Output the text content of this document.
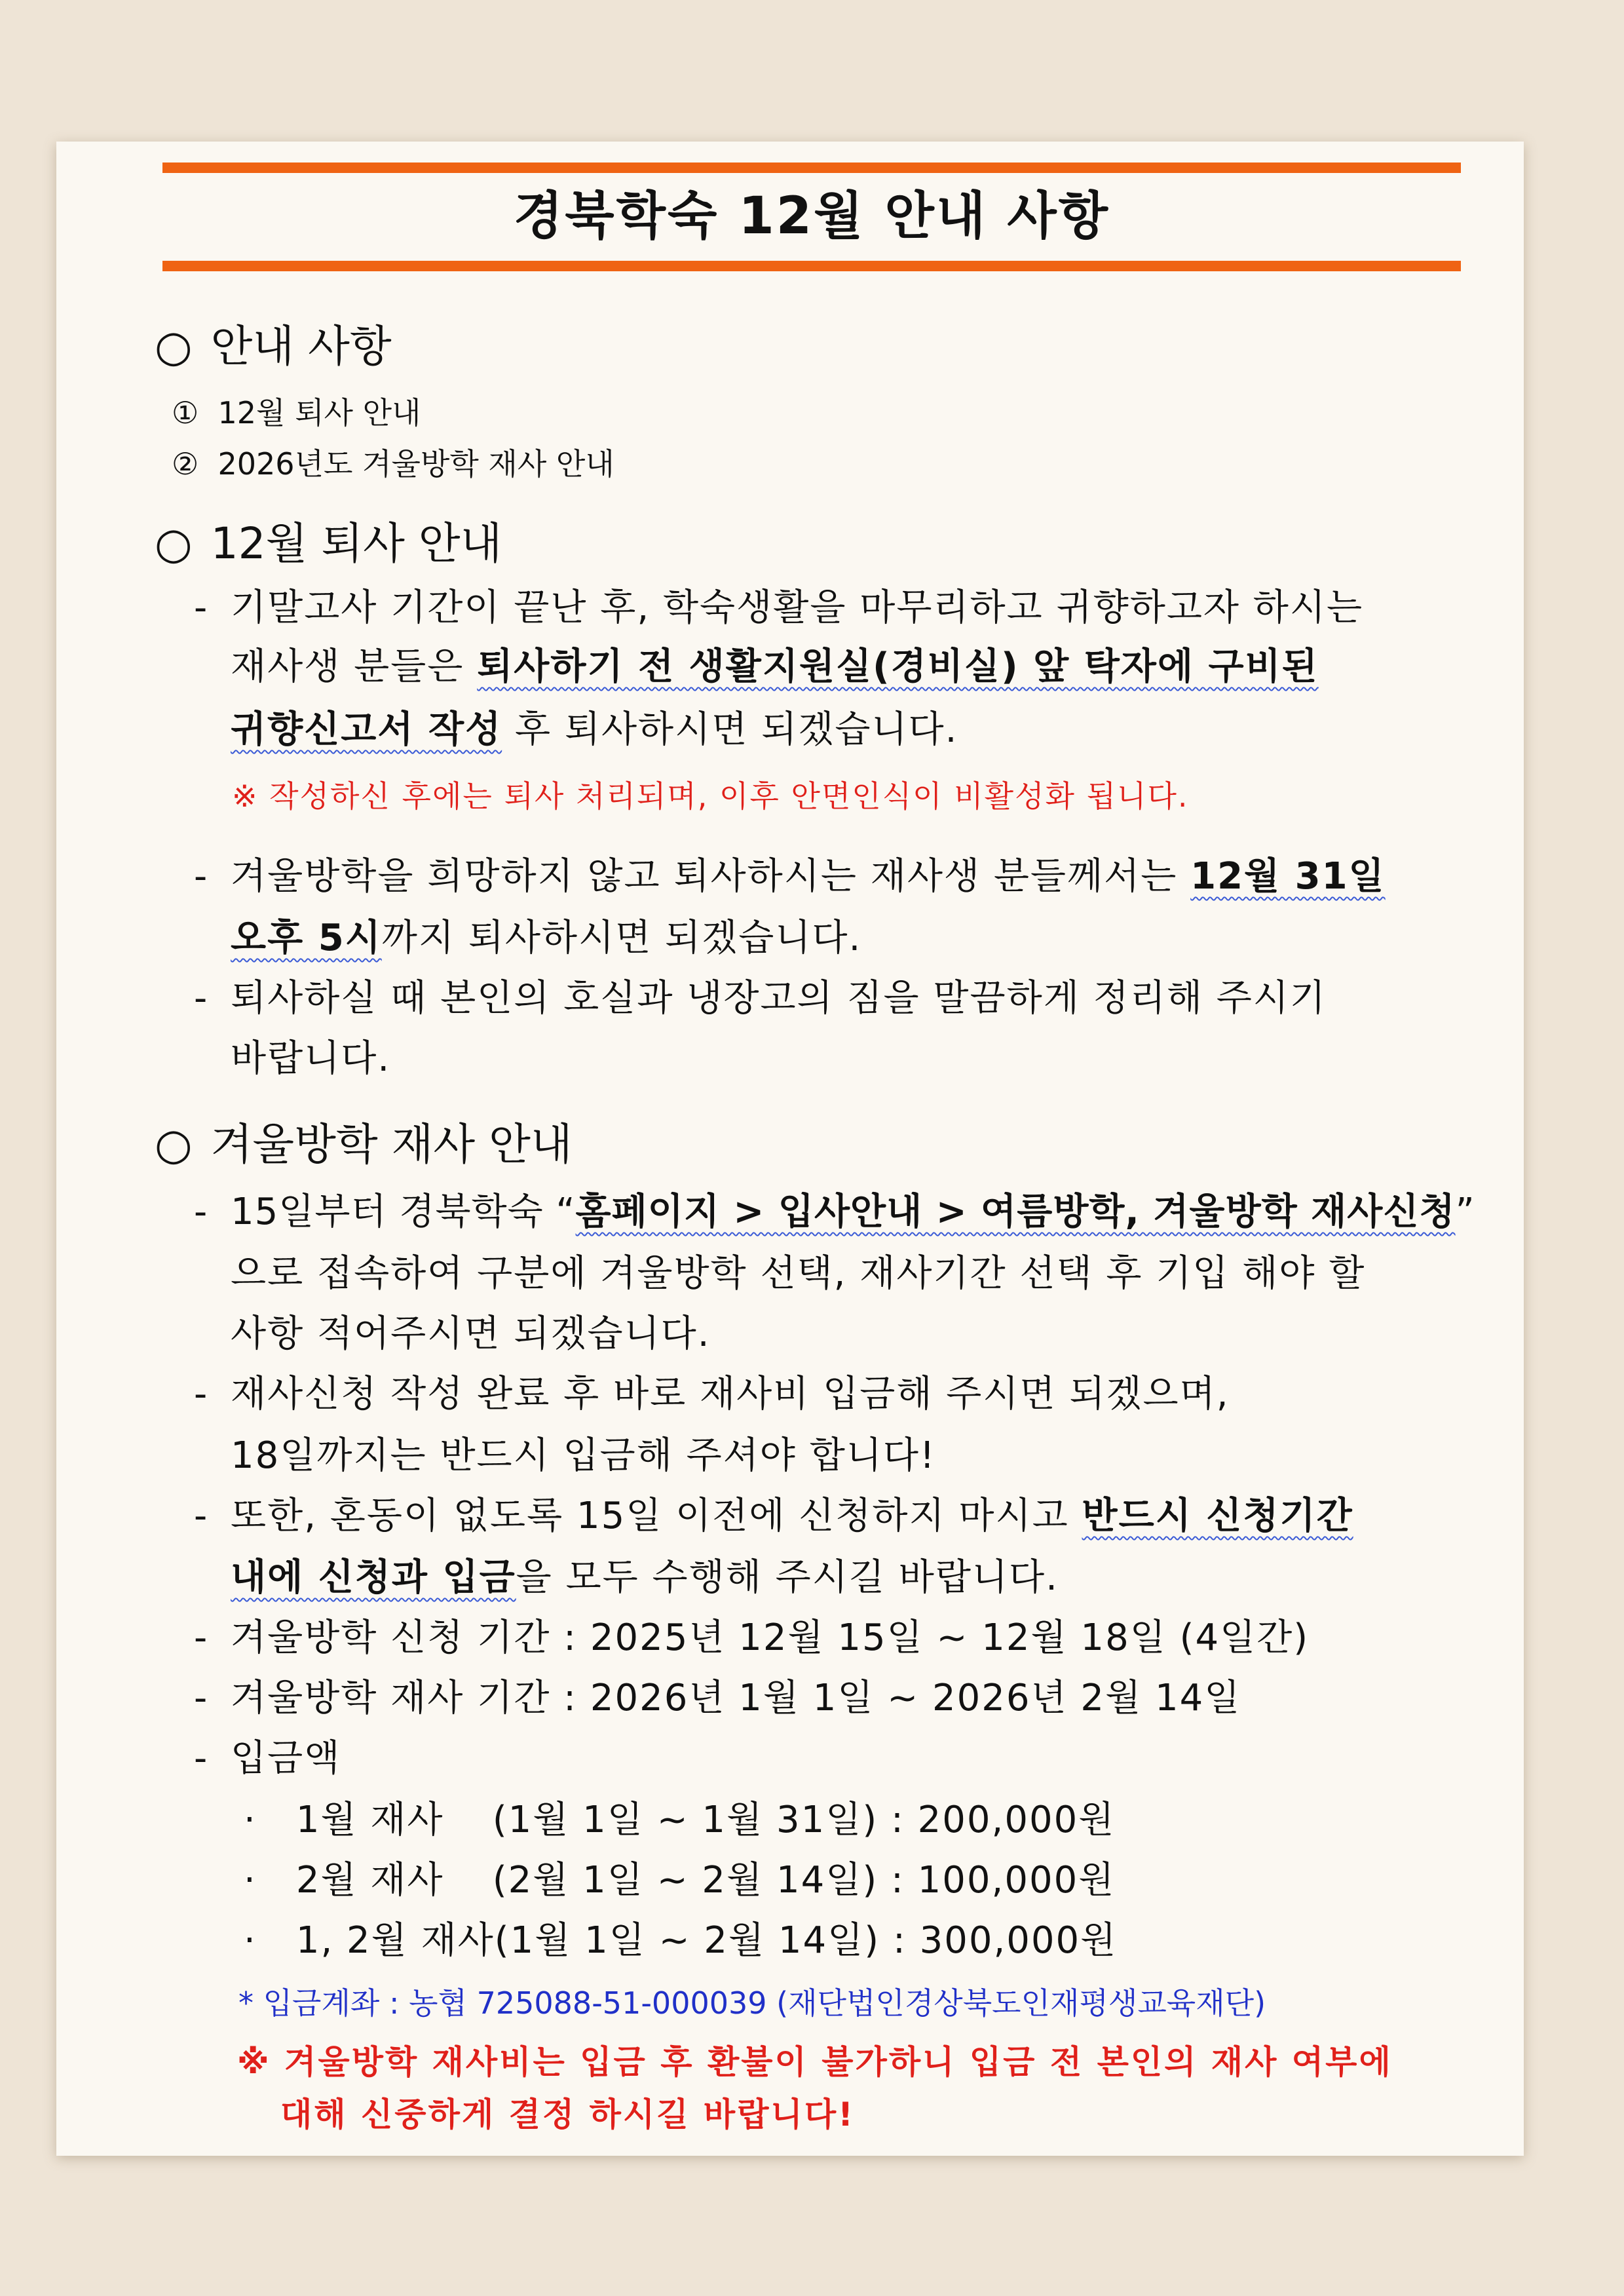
경북학숙 12월 안내 사항
○ 안내 사항
① 12월 퇴사 안내
② 2026년도 겨울방학 재사 안내
○ 12월 퇴사 안내
- 기말고사 기간이 끝난 후, 학숙생활을 마무리하고 귀향하고자 하시는
재사생 분들은 퇴사하기 전 생활지원실(경비실) 앞 탁자에 구비된
귀향신고서 작성 후 퇴사하시면 되겠습니다.
※ 작성하신 후에는 퇴사 처리되며, 이후 안면인식이 비활성화 됩니다.
- 겨울방학을 희망하지 않고 퇴사하시는 재사생 분들께서는 12월 31일
오후 5시까지 퇴사하시면 되겠습니다.
- 퇴사하실 때 본인의 호실과 냉장고의 짐을 말끔하게 정리해 주시기
바랍니다.
○ 겨울방학 재사 안내
- 15일부터 경북학숙 “홈페이지 > 입사안내 > 여름방학, 겨울방학 재사신청”
으로 접속하여 구분에 겨울방학 선택, 재사기간 선택 후 기입 해야 할
사항 적어주시면 되겠습니다.
- 재사신청 작성 완료 후 바로 재사비 입금해 주시면 되겠으며,
18일까지는 반드시 입금해 주셔야 합니다!
- 또한, 혼동이 없도록 15일 이전에 신청하지 마시고 반드시 신청기간
내에 신청과 입금을 모두 수행해 주시길 바랍니다.
- 겨울방학 신청 기간 : 2025년 12월 15일 ~ 12월 18일 (4일간)
- 겨울방학 재사 기간 : 2026년 1월 1일 ~ 2026년 2월 14일
- 입금액
· 1월 재사 (1월 1일 ~ 1월 31일) : 200,000원
· 2월 재사 (2월 1일 ~ 2월 14일) : 100,000원
· 1, 2월 재사(1월 1일 ~ 2월 14일) : 300,000원
* 입금계좌 : 농협 725088-51-000039 (재단법인경상북도인재평생교육재단)
※ 겨울방학 재사비는 입금 후 환불이 불가하니 입금 전 본인의 재사 여부에
대해 신중하게 결정 하시길 바랍니다!
